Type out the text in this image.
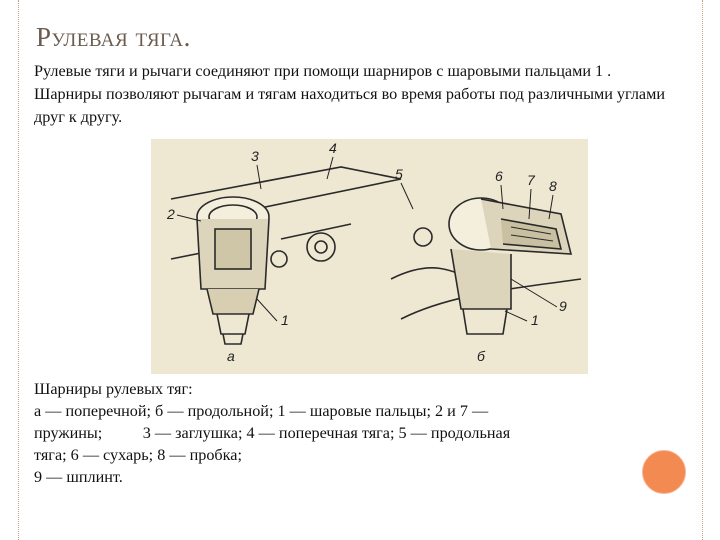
Рулевая тяга.
Рулевые тяги и рычаги соединяют при помощи шарниров с шаровыми пальцами 1 . Шарниры позволяют рычагам и тягам находиться во время работы под различными углами друг к другу.
3	4
2
1
а
5	6 7 8
9
1
б
Шарниры рулевых тяг:
а — поперечной; б — продольной; 1 — шаровые пальцы; 2 и 7 —
пружины;          3 — заглушка; 4 — поперечная тяга; 5 — продольная
тяга; 6 — сухарь; 8 — пробка;
9 — шплинт.
